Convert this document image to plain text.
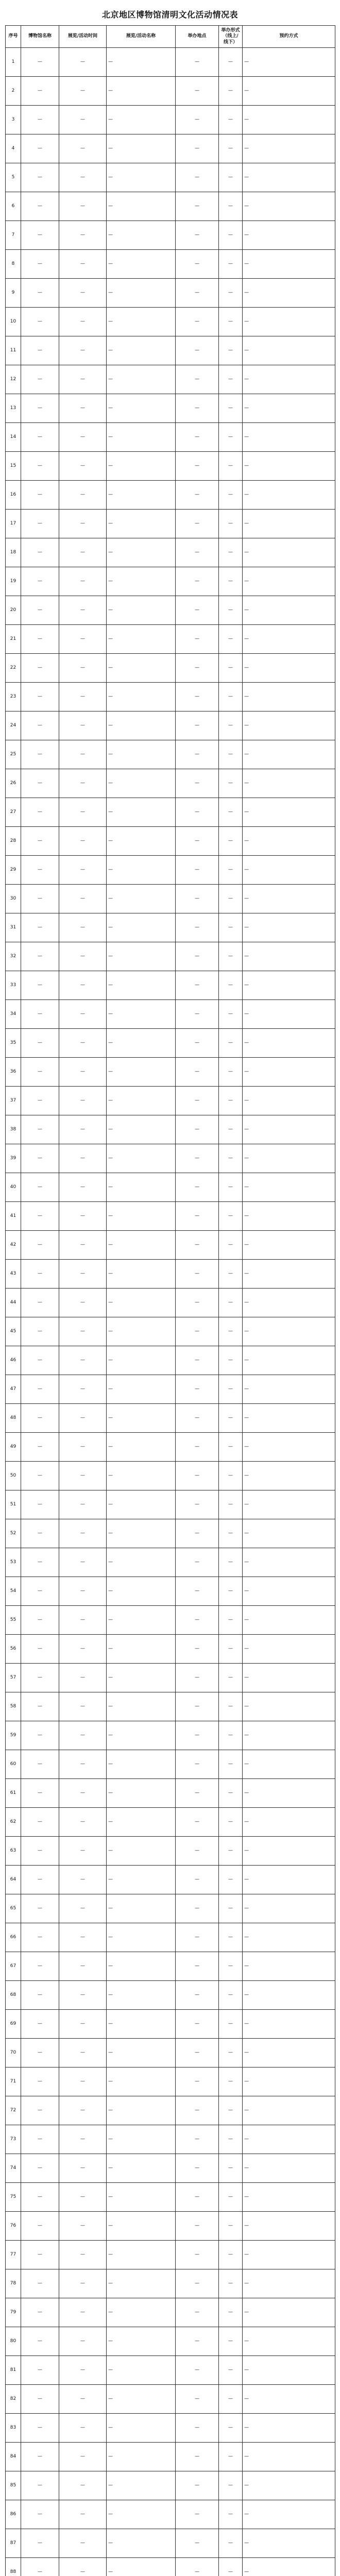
北京地区博物馆清明文化活动情况表
序号	博物馆名称	展览/活动时间	展览/活动名称	举办地点	举办形式（线上/线下）	预约方式
1	—	—	—	—	—	—
2	—	—	—	—	—	—
3	—	—	—	—	—	—
4	—	—	—	—	—	—
5	—	—	—	—	—	—
6	—	—	—	—	—	—
7	—	—	—	—	—	—
8	—	—	—	—	—	—
9	—	—	—	—	—	—
10	—	—	—	—	—	—
11	—	—	—	—	—	—
12	—	—	—	—	—	—
13	—	—	—	—	—	—
14	—	—	—	—	—	—
15	—	—	—	—	—	—
16	—	—	—	—	—	—
17	—	—	—	—	—	—
18	—	—	—	—	—	—
19	—	—	—	—	—	—
20	—	—	—	—	—	—
21	—	—	—	—	—	—
22	—	—	—	—	—	—
23	—	—	—	—	—	—
24	—	—	—	—	—	—
25	—	—	—	—	—	—
26	—	—	—	—	—	—
27	—	—	—	—	—	—
28	—	—	—	—	—	—
29	—	—	—	—	—	—
30	—	—	—	—	—	—
31	—	—	—	—	—	—
32	—	—	—	—	—	—
33	—	—	—	—	—	—
34	—	—	—	—	—	—
35	—	—	—	—	—	—
36	—	—	—	—	—	—
37	—	—	—	—	—	—
38	—	—	—	—	—	—
39	—	—	—	—	—	—
40	—	—	—	—	—	—
41	—	—	—	—	—	—
42	—	—	—	—	—	—
43	—	—	—	—	—	—
44	—	—	—	—	—	—
45	—	—	—	—	—	—
46	—	—	—	—	—	—
47	—	—	—	—	—	—
48	—	—	—	—	—	—
49	—	—	—	—	—	—
50	—	—	—	—	—	—
51	—	—	—	—	—	—
52	—	—	—	—	—	—
53	—	—	—	—	—	—
54	—	—	—	—	—	—
55	—	—	—	—	—	—
56	—	—	—	—	—	—
57	—	—	—	—	—	—
58	—	—	—	—	—	—
59	—	—	—	—	—	—
60	—	—	—	—	—	—
61	—	—	—	—	—	—
62	—	—	—	—	—	—
63	—	—	—	—	—	—
64	—	—	—	—	—	—
65	—	—	—	—	—	—
66	—	—	—	—	—	—
67	—	—	—	—	—	—
68	—	—	—	—	—	—
69	—	—	—	—	—	—
70	—	—	—	—	—	—
71	—	—	—	—	—	—
72	—	—	—	—	—	—
73	—	—	—	—	—	—
74	—	—	—	—	—	—
75	—	—	—	—	—	—
76	—	—	—	—	—	—
77	—	—	—	—	—	—
78	—	—	—	—	—	—
79	—	—	—	—	—	—
80	—	—	—	—	—	—
81	—	—	—	—	—	—
82	—	—	—	—	—	—
83	—	—	—	—	—	—
84	—	—	—	—	—	—
85	—	—	—	—	—	—
86	—	—	—	—	—	—
87	—	—	—	—	—	—
88	—	—	—	—	—	—
